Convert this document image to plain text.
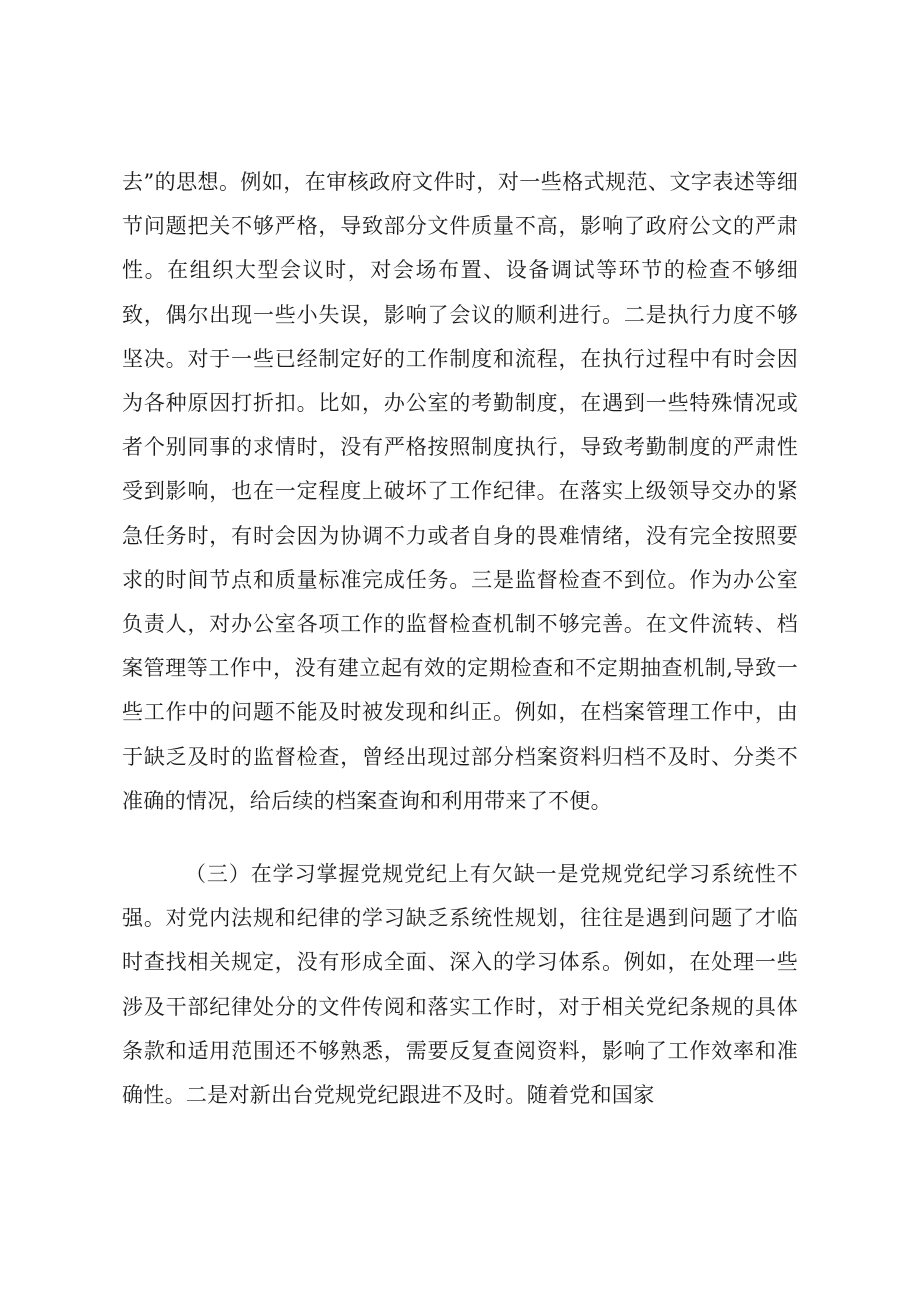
去”的思想。例如，在审核政府文件时，对一些格式规范、文字表述等细节问题把关不够严格，导致部分文件质量不高，影响了政府公文的严肃性。在组织大型会议时，对会场布置、设备调试等环节的检查不够细致，偶尔出现一些小失误，影响了会议的顺利进行。二是执行力度不够坚决。对于一些已经制定好的工作制度和流程，在执行过程中有时会因为各种原因打折扣。比如，办公室的考勤制度，在遇到一些特殊情况或者个别同事的求情时，没有严格按照制度执行，导致考勤制度的严肃性受到影响，也在一定程度上破坏了工作纪律。在落实上级领导交办的紧急任务时，有时会因为协调不力或者自身的畏难情绪，没有完全按照要求的时间节点和质量标准完成任务。三是监督检查不到位。作为办公室负责人，对办公室各项工作的监督检查机制不够完善。在文件流转、档案管理等工作中，没有建立起有效的定期检查和不定期抽查机制,导致一些工作中的问题不能及时被发现和纠正。例如，在档案管理工作中，由于缺乏及时的监督检查，曾经出现过部分档案资料归档不及时、分类不准确的情况，给后续的档案查询和利用带来了不便。

（三）在学习掌握党规党纪上有欠缺一是党规党纪学习系统性不强。对党内法规和纪律的学习缺乏系统性规划，往往是遇到问题了才临时查找相关规定，没有形成全面、深入的学习体系。例如，在处理一些涉及干部纪律处分的文件传阅和落实工作时，对于相关党纪条规的具体条款和适用范围还不够熟悉，需要反复查阅资料，影响了工作效率和准确性。二是对新出台党规党纪跟进不及时。随着党和国家
